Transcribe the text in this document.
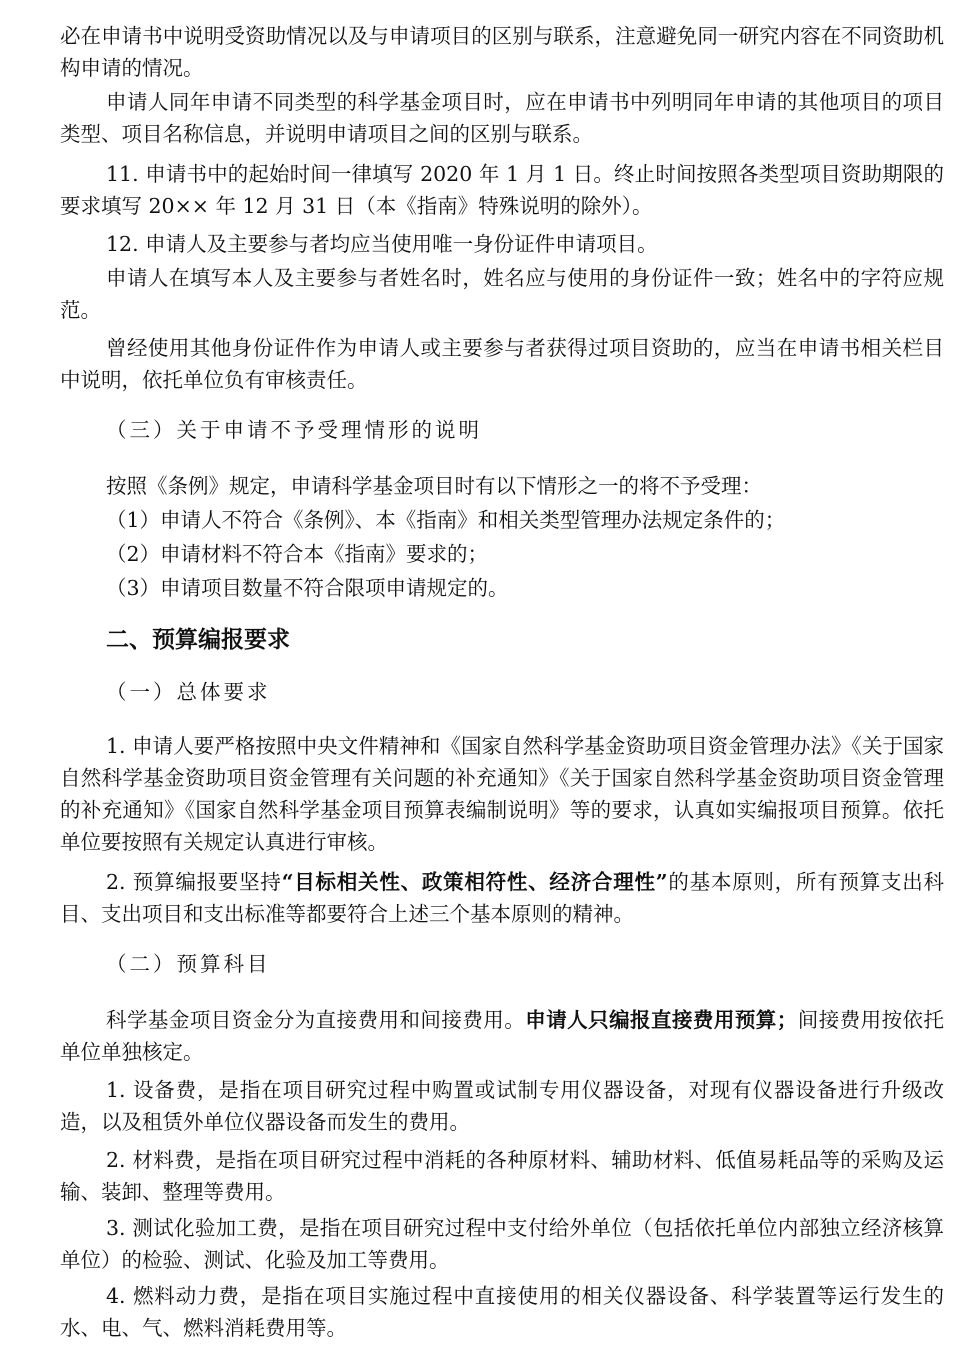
必在申请书中说明受资助情况以及与申请项目的区别与联系，注意避免同一研究内容在不同资助机构申请的情况。

申请人同年申请不同类型的科学基金项目时，应在申请书中列明同年申请的其他项目的项目类型、项目名称信息，并说明申请项目之间的区别与联系。

11. 申请书中的起始时间一律填写 2020 年 1 月 1 日。终止时间按照各类型项目资助期限的要求填写 20×× 年 12 月 31 日（本《指南》特殊说明的除外）。

12. 申请人及主要参与者均应当使用唯一身份证件申请项目。

申请人在填写本人及主要参与者姓名时，姓名应与使用的身份证件一致；姓名中的字符应规范。

曾经使用其他身份证件作为申请人或主要参与者获得过项目资助的，应当在申请书相关栏目中说明，依托单位负有审核责任。

（三）关于申请不予受理情形的说明

按照《条例》规定，申请科学基金项目时有以下情形之一的将不予受理：

（1）申请人不符合《条例》、本《指南》和相关类型管理办法规定条件的；

（2）申请材料不符合本《指南》要求的；

（3）申请项目数量不符合限项申请规定的。

二、预算编报要求

（一）总体要求

1. 申请人要严格按照中央文件精神和《国家自然科学基金资助项目资金管理办法》《关于国家自然科学基金资助项目资金管理有关问题的补充通知》《关于国家自然科学基金资助项目资金管理的补充通知》《国家自然科学基金项目预算表编制说明》等的要求，认真如实编报项目预算。依托单位要按照有关规定认真进行审核。

2. 预算编报要坚持“目标相关性、政策相符性、经济合理性”的基本原则，所有预算支出科目、支出项目和支出标准等都要符合上述三个基本原则的精神。

（二）预算科目

科学基金项目资金分为直接费用和间接费用。申请人只编报直接费用预算；间接费用按依托单位单独核定。

1. 设备费，是指在项目研究过程中购置或试制专用仪器设备，对现有仪器设备进行升级改造，以及租赁外单位仪器设备而发生的费用。

2. 材料费，是指在项目研究过程中消耗的各种原材料、辅助材料、低值易耗品等的采购及运输、装卸、整理等费用。

3. 测试化验加工费，是指在项目研究过程中支付给外单位（包括依托单位内部独立经济核算单位）的检验、测试、化验及加工等费用。

4. 燃料动力费，是指在项目实施过程中直接使用的相关仪器设备、科学装置等运行发生的水、电、气、燃料消耗费用等。
